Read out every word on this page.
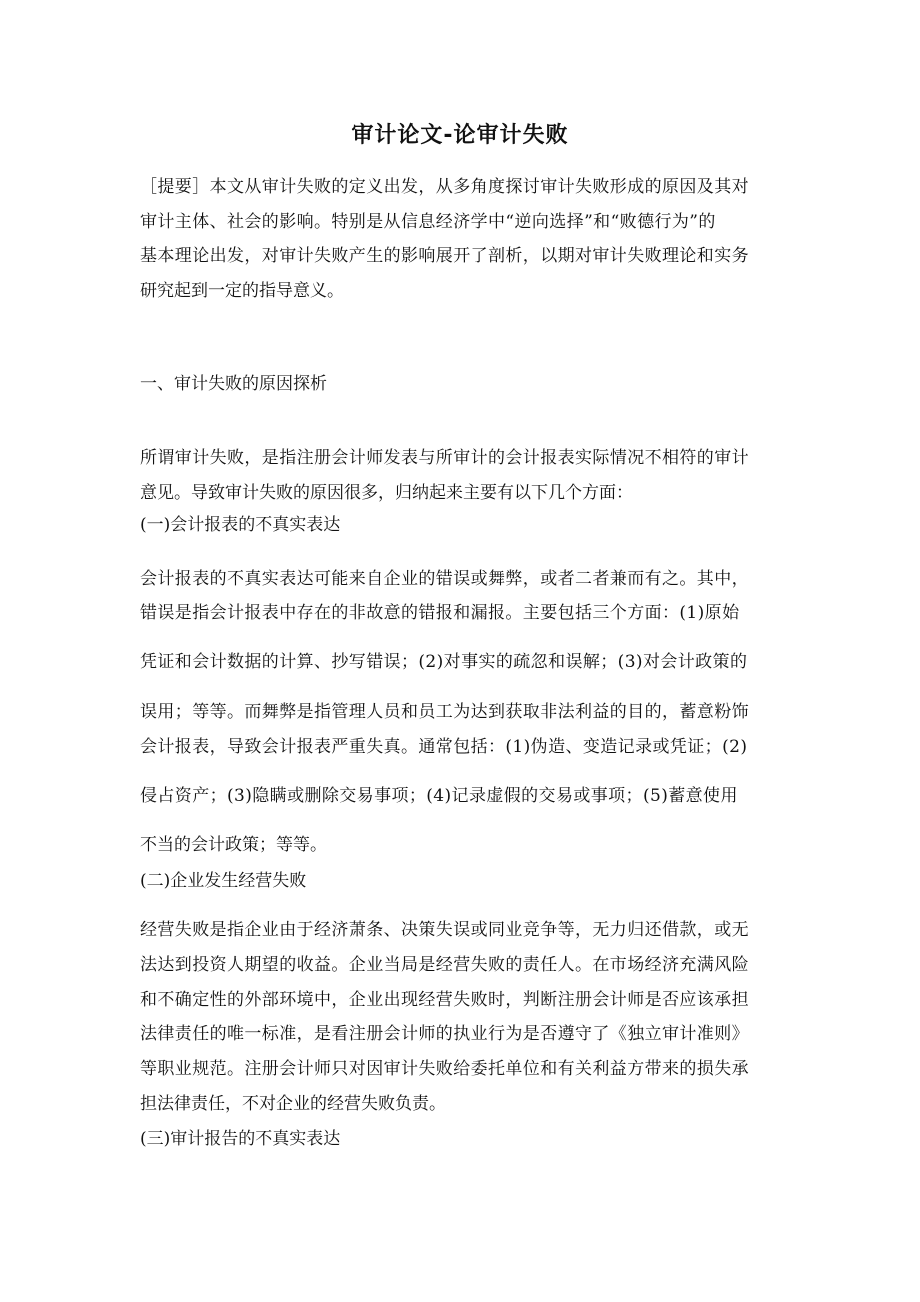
审计论文-论审计失败
［提要］本文从审计失败的定义出发，从多角度探讨审计失败形成的原因及其对
审计主体、社会的影响。特别是从信息经济学中“逆向选择”和“败德行为”的
基本理论出发，对审计失败产生的影响展开了剖析，以期对审计失败理论和实务
研究起到一定的指导意义。
一、审计失败的原因探析
所谓审计失败，是指注册会计师发表与所审计的会计报表实际情况不相符的审计
意见。导致审计失败的原因很多，归纳起来主要有以下几个方面：
(一)会计报表的不真实表达
会计报表的不真实表达可能来自企业的错误或舞弊，或者二者兼而有之。其中，
错误是指会计报表中存在的非故意的错报和漏报。主要包括三个方面：(1)原始
凭证和会计数据的计算、抄写错误；(2)对事实的疏忽和误解；(3)对会计政策的
误用；等等。而舞弊是指管理人员和员工为达到获取非法利益的目的，蓄意粉饰
会计报表，导致会计报表严重失真。通常包括：(1)伪造、变造记录或凭证；(2)
侵占资产；(3)隐瞒或删除交易事项；(4)记录虚假的交易或事项；(5)蓄意使用
不当的会计政策；等等。
(二)企业发生经营失败
经营失败是指企业由于经济萧条、决策失误或同业竞争等，无力归还借款，或无
法达到投资人期望的收益。企业当局是经营失败的责任人。在市场经济充满风险
和不确定性的外部环境中，企业出现经营失败时，判断注册会计师是否应该承担
法律责任的唯一标准，是看注册会计师的执业行为是否遵守了《独立审计准则》
等职业规范。注册会计师只对因审计失败给委托单位和有关利益方带来的损失承
担法律责任，不对企业的经营失败负责。
(三)审计报告的不真实表达
